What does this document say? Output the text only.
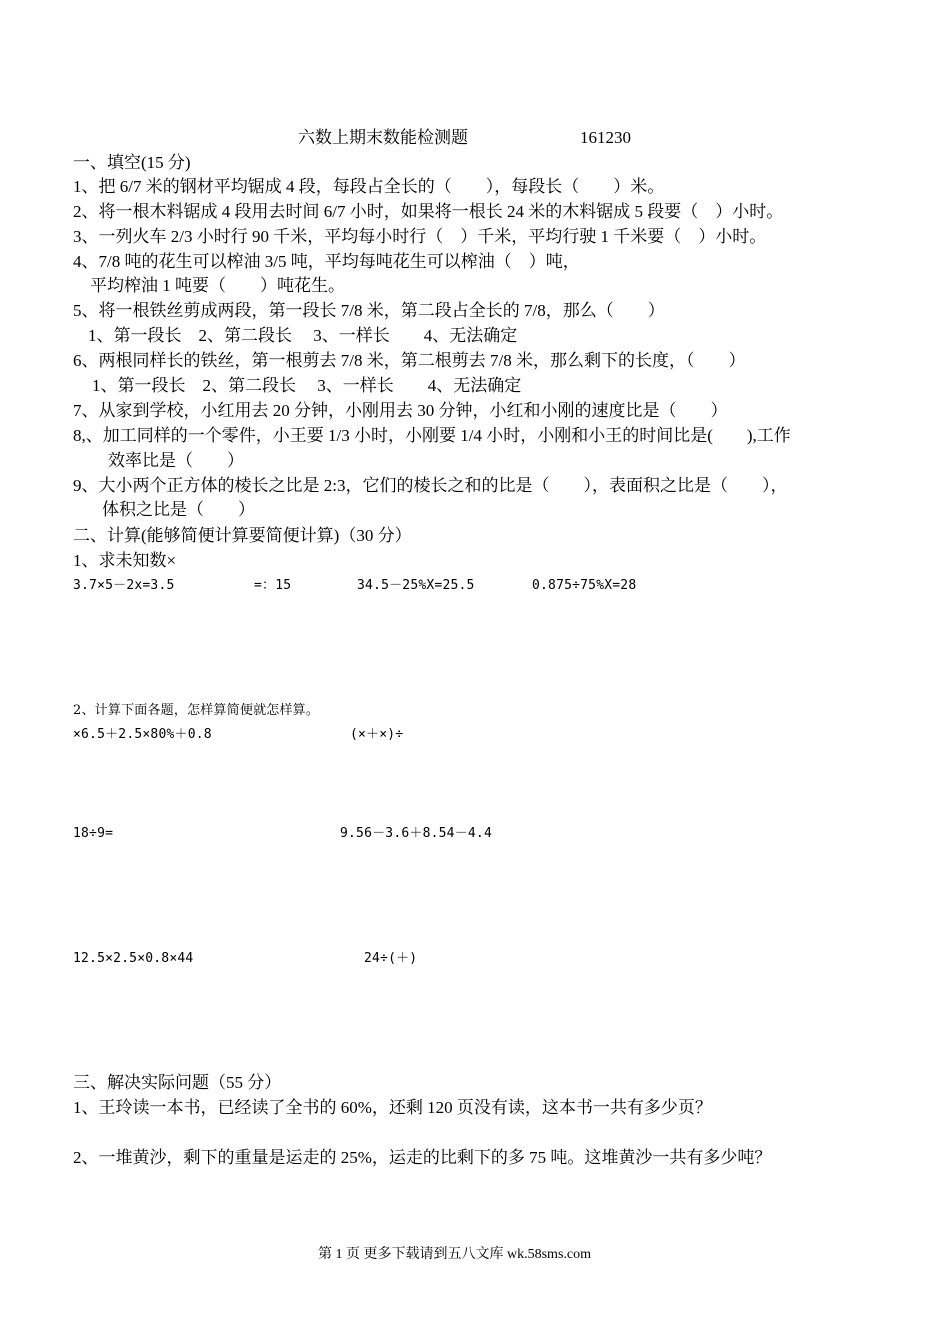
六数上期末数能检测题	161230
一、填空(15 分)
1、把 6/7 米的钢材平均锯成 4 段，每段占全长的（　　），每段长（　　）米。
2、将一根木料锯成 4 段用去时间 6/7 小时，如果将一根长 24 米的木料锯成 5 段要（　）小时。
3、一列火车 2/3 小时行 90 千米，平均每小时行（　）千米，平均行驶 1 千米要（　）小时。
4、7/8 吨的花生可以榨油 3/5 吨，平均每吨花生可以榨油（　）吨，
平均榨油 1 吨要（　　）吨花生。
5、将一根铁丝剪成两段，第一段长 7/8 米，第二段占全长的 7/8，那么（　　）
1、第一段长　2、第二段长　 3、一样长　　4、无法确定
6、两根同样长的铁丝，第一根剪去 7/8 米，第二根剪去 7/8 米，那么剩下的长度，（　　）
1、第一段长　2、第二段长　 3、一样长　　4、无法确定
7、从家到学校，小红用去 20 分钟，小刚用去 30 分钟，小红和小刚的速度比是（　　）
8,、加工同样的一个零件，小王要 1/3 小时，小刚要 1/4 小时，小刚和小王的时间比是(　　),工作
效率比是（　　）
9、大小两个正方体的棱长之比是 2:3，它们的棱长之和的比是（　　），表面积之比是（　　），
体积之比是（　　）
二、计算(能够简便计算要简便计算)（30 分）
1、求未知数×
3.7×5－2x=3.5	=：15	34.5－25%X=25.5	0.875÷75%X=28
2、计算下面各题，怎样算简便就怎样算。
×6.5＋2.5×80%＋0.8	(×＋×)÷
18÷9=	9.56－3.6＋8.54－4.4
12.5×2.5×0.8×44	24÷(＋)
三、解决实际问题（55 分）
1、王玲读一本书，已经读了全书的 60%，还剩 120 页没有读，这本书一共有多少页？
2、一堆黄沙，剩下的重量是运走的 25%，运走的比剩下的多 75 吨。这堆黄沙一共有多少吨？
第 1 页 更多下载请到五八文库 wk.58sms.com
